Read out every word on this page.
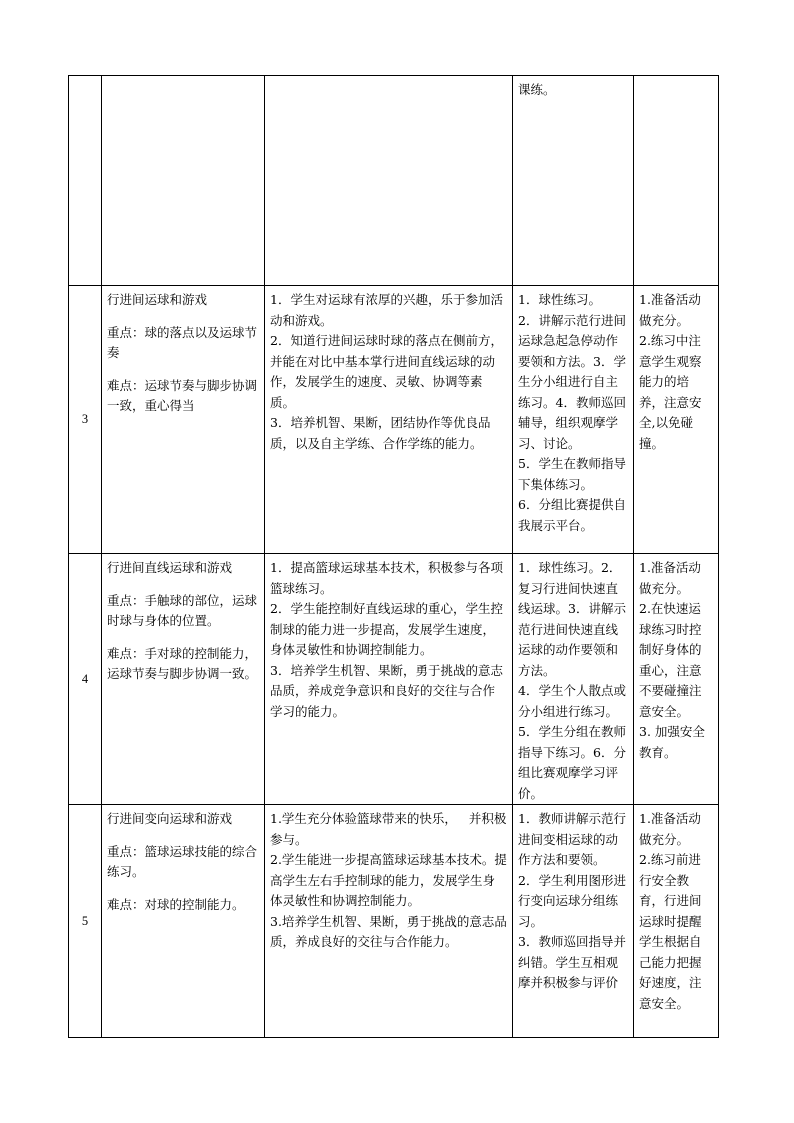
			课练。	

3	行进间运球和游戏
重点：球的落点以及运球节奏
难点：运球节奏与脚步协调一致，重心得当	1．学生对运球有浓厚的兴趣，乐于参加活动和游戏。
2．知道行进间运球时球的落点在侧前方，并能在对比中基本掌行进间直线运球的动作，发展学生的速度、灵敏、协调等素质。
3．培养机智、果断，团结协作等优良品质，以及自主学练、合作学练的能力。	1．球性练习。
2．讲解示范行进间运球急起急停动作要领和方法。3．学生分小组进行自主练习。4．教师巡回辅导，组织观摩学习、讨论。
5．学生在教师指导下集体练习。
6．分组比赛提供自我展示平台。	1.准备活动做充分。
2.练习中注意学生观察能力的培养，注意安全,以免碰撞。

4	行进间直线运球和游戏
重点：手触球的部位，运球时球与身体的位置。
难点：手对球的控制能力，运球节奏与脚步协调一致。	1．提高篮球运球基本技术，积极参与各项篮球练习。
2．学生能控制好直线运球的重心，学生控制球的能力进一步提高，发展学生速度，身体灵敏性和协调控制能力。
3．培养学生机智、果断，勇于挑战的意志品质，养成竞争意识和良好的交往与合作学习的能力。	1．球性练习。2．复习行进间快速直线运球。3．讲解示范行进间快速直线运球的动作要领和方法。
4．学生个人散点或分小组进行练习。5．学生分组在教师指导下练习。6．分组比赛观摩学习评价。	1.准备活动做充分。
2.在快速运球练习时控制好身体的重心，注意不要碰撞注意安全。
3. 加强安全教育。

5	行进间变向运球和游戏
重点：篮球运球技能的综合练习。
难点：对球的控制能力。	1.学生充分体验篮球带来的快乐，   并积极参与。
2.学生能进一步提高篮球运球基本技术。提高学生左右手控制球的能力，发展学生身体灵敏性和协调控制能力。
3.培养学生机智、果断，勇于挑战的意志品质，养成良好的交往与合作能力。	1．教师讲解示范行进间变相运球的动作方法和要领。
2．学生利用图形进行变向运球分组练习。
3．教师巡回指导并纠错。学生互相观摩并积极参与评价	1.准备活动做充分。
2.练习前进行安全教育，行进间运球时提醒学生根据自己能力把握好速度，注意安全。
